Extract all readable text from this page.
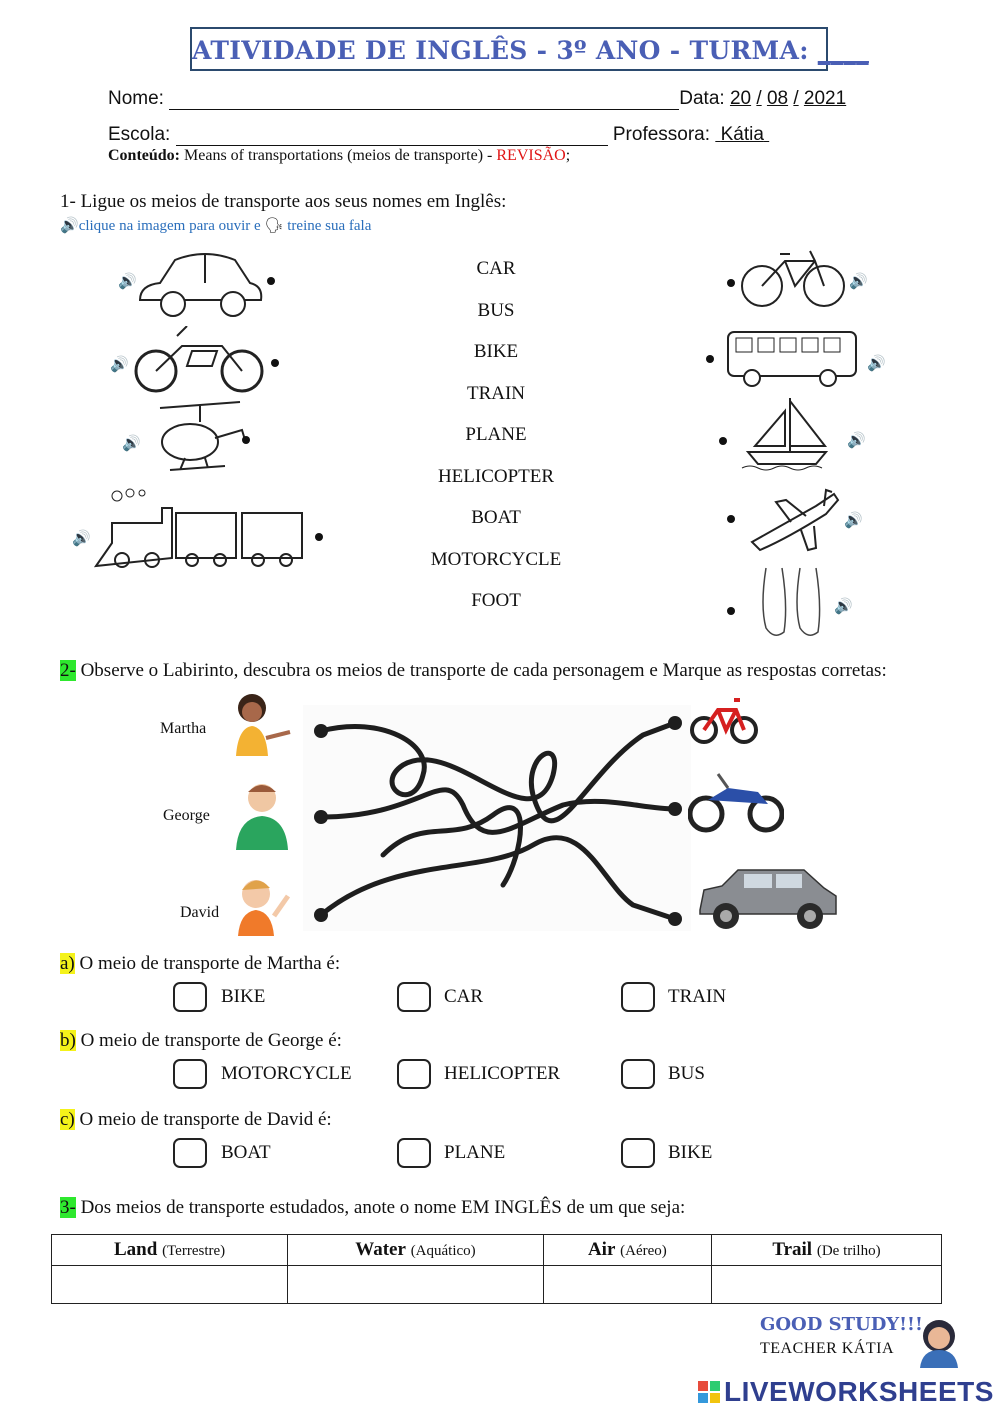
ATIVIDADE DE INGLÊS - 3º ANO - TURMA: ____
Nome:	Data: 20 / 08 / 2021
Escola:	Professora: Kátia
Conteúdo: Means of transportations (meios de transporte) - REVISÃO;
1- Ligue os meios de transporte aos seus nomes em Inglês:
🔊clique na imagem para ouvir e 🗣 treine sua fala
CAR
BUS
BIKE
TRAIN
PLANE
HELICOPTER
BOAT
MOTORCYCLE
FOOT
🔊
🔊
🔊
🔊
🔊
🔊
🔊
🔊
🔊
2- Observe o Labirinto, descubra os meios de transporte de cada personagem e Marque as respostas corretas:
Martha
George
David
a) O meio de transporte de Martha é:
BIKE	CAR	TRAIN
b) O meio de transporte de George é:
MOTORCYCLE	HELICOPTER	BUS
c) O meio de transporte de David é:
BOAT	PLANE	BIKE
3- Dos meios de transporte estudados, anote o nome EM INGLÊS de um que seja:
Land (Terrestre)	Water (Aquático)	Air (Aéreo)	Trail (De trilho)

GOOD STUDY!!!
TEACHER KÁTIA
LIVEWORKSHEETS
